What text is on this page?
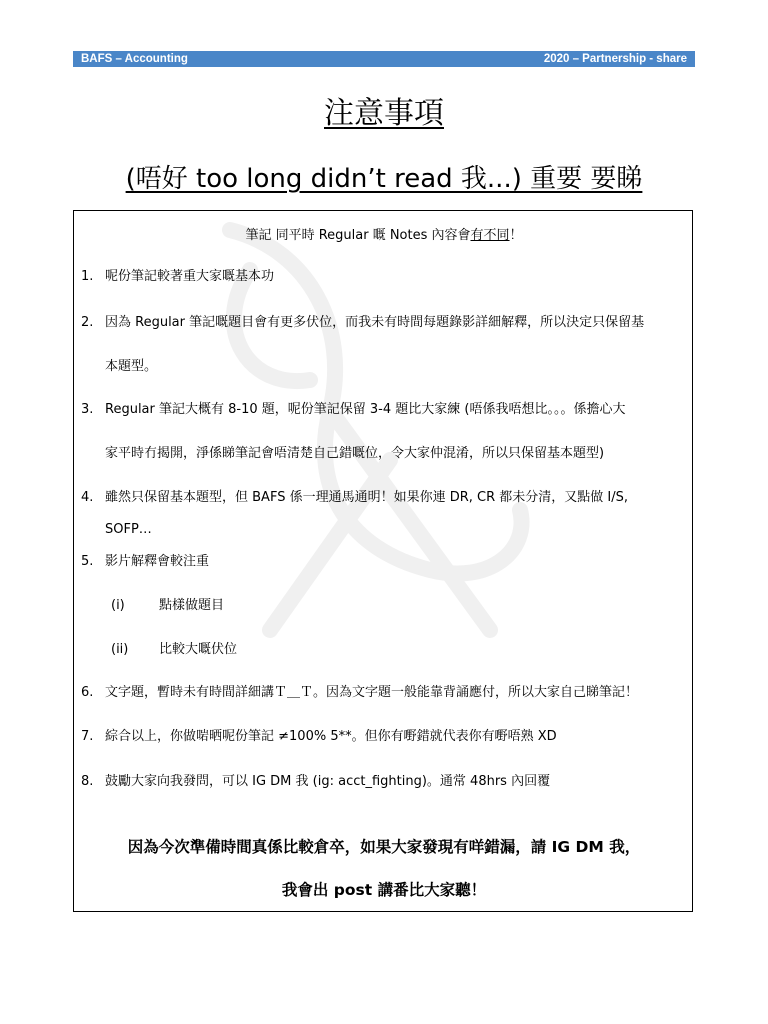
BAFS – Accounting	2020 – Partnership - share
注意事項
(唔好 too long didn’t read 我...) 重要 要睇
筆記 同平時 Regular 嘅 Notes 內容會有不同！
1. 呢份筆記較著重大家嘅基本功
2. 因為 Regular 筆記嘅題目會有更多伏位，而我未有時間每題錄影詳細解釋，所以決定只保留基
本題型。
3. Regular 筆記大概有 8-10 題，呢份筆記保留 3-4 題比大家練 (唔係我唔想比。。。係擔心大
家平時冇揭開，淨係睇筆記會唔清楚自己錯嘅位，令大家仲混淆，所以只保留基本題型)
4. 雖然只保留基本題型，但 BAFS 係一理通馬通明！如果你連 DR, CR 都未分清，又點做 I/S,
SOFP…
5. 影片解釋會較注重
(i)	點樣做題目
(ii) 比較大嘅伏位
6. 文字題，暫時未有時間詳細講Ｔ＿Ｔ。因為文字題一般能靠背誦應付，所以大家自己睇筆記！
7. 綜合以上，你做啱晒呢份筆記 ≠100% 5**。但你有嘢錯就代表你有嘢唔熟 XD
8. 鼓勵大家向我發問，可以 IG DM 我 (ig: acct_fighting)。通常 48hrs 內回覆
因為今次準備時間真係比較倉卒，如果大家發現有咩錯漏，請 IG DM 我，
我會出 post 講番比大家聽！
